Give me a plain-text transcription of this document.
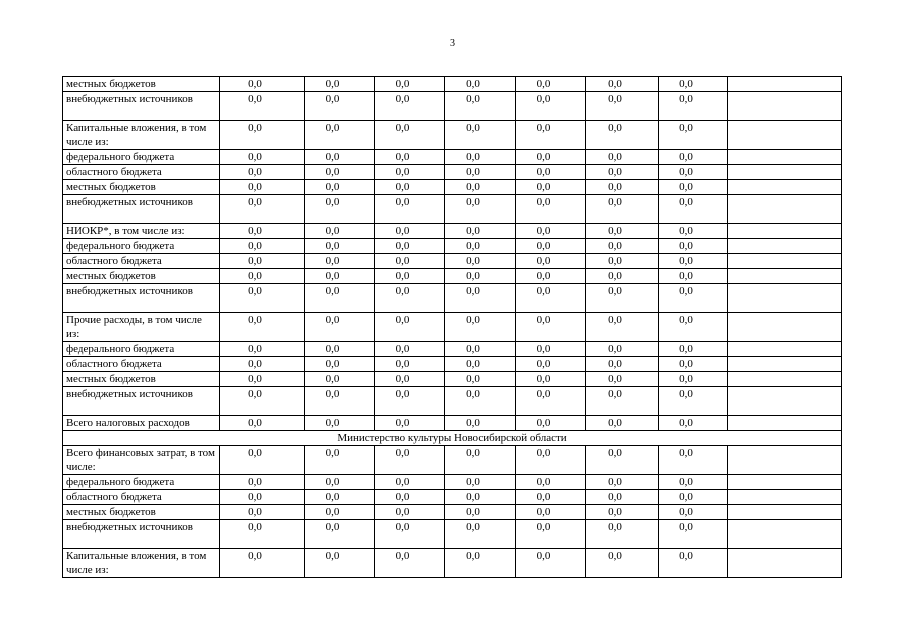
3
местных бюджетов	0,0	0,0	0,0	0,0	0,0	0,0	0,0	
внебюджетных источников	0,0	0,0	0,0	0,0	0,0	0,0	0,0	
Капитальные вложения, в том числе из:	0,0	0,0	0,0	0,0	0,0	0,0	0,0	
федерального бюджета	0,0	0,0	0,0	0,0	0,0	0,0	0,0	
областного бюджета	0,0	0,0	0,0	0,0	0,0	0,0	0,0	
местных бюджетов	0,0	0,0	0,0	0,0	0,0	0,0	0,0	
внебюджетных источников	0,0	0,0	0,0	0,0	0,0	0,0	0,0	
НИОКР*, в том числе из:	0,0	0,0	0,0	0,0	0,0	0,0	0,0	
федерального бюджета	0,0	0,0	0,0	0,0	0,0	0,0	0,0	
областного бюджета	0,0	0,0	0,0	0,0	0,0	0,0	0,0	
местных бюджетов	0,0	0,0	0,0	0,0	0,0	0,0	0,0	
внебюджетных источников	0,0	0,0	0,0	0,0	0,0	0,0	0,0	
Прочие расходы, в том числе из:	0,0	0,0	0,0	0,0	0,0	0,0	0,0	
федерального бюджета	0,0	0,0	0,0	0,0	0,0	0,0	0,0	
областного бюджета	0,0	0,0	0,0	0,0	0,0	0,0	0,0	
местных бюджетов	0,0	0,0	0,0	0,0	0,0	0,0	0,0	
внебюджетных источников	0,0	0,0	0,0	0,0	0,0	0,0	0,0	
Всего налоговых расходов	0,0	0,0	0,0	0,0	0,0	0,0	0,0	
Министерство культуры Новосибирской области								
Всего финансовых затрат, в том числе:	0,0	0,0	0,0	0,0	0,0	0,0	0,0	
федерального бюджета	0,0	0,0	0,0	0,0	0,0	0,0	0,0	
областного бюджета	0,0	0,0	0,0	0,0	0,0	0,0	0,0	
местных бюджетов	0,0	0,0	0,0	0,0	0,0	0,0	0,0	
внебюджетных источников	0,0	0,0	0,0	0,0	0,0	0,0	0,0	
Капитальные вложения, в том числе из:	0,0	0,0	0,0	0,0	0,0	0,0	0,0	
